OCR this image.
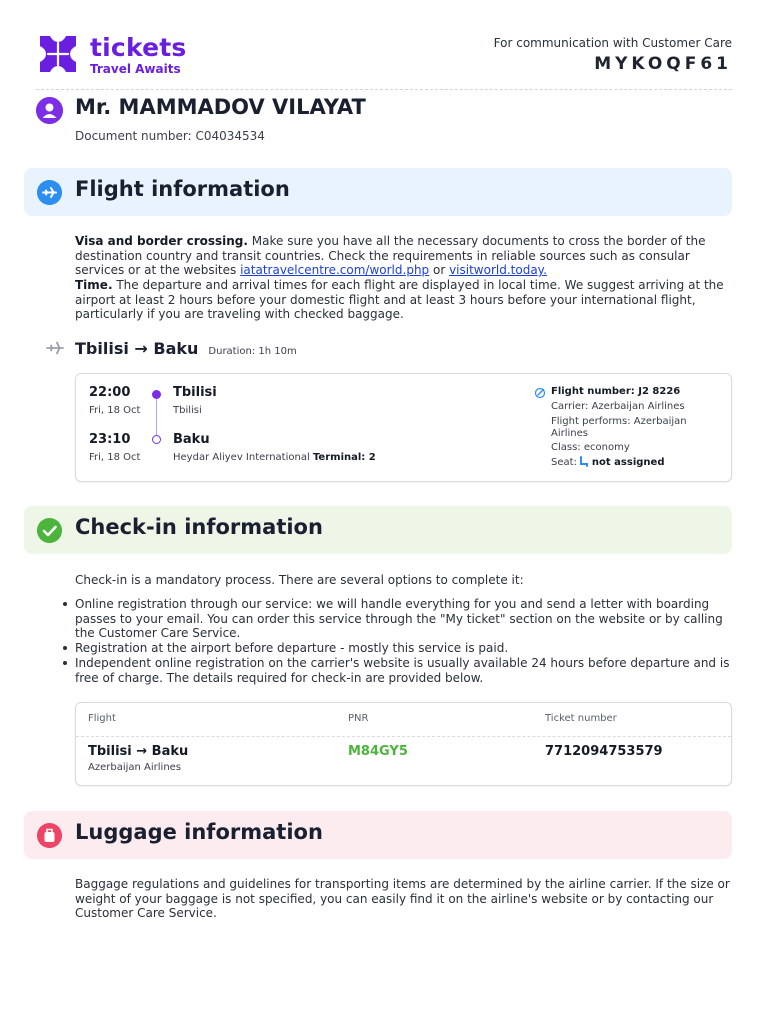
tickets
Travel Awaits
For communication with Customer Care
MYKOQF61
Mr. MAMMADOV VILAYAT
Document number: C04034534
Flight information
Visa and border crossing. Make sure you have all the necessary documents to cross the border of the destination country and transit countries. Check the requirements in reliable sources such as consular services or at the websites iatatravelcentre.com/world.php or visitworld.today.
Time. The departure and arrival times for each flight are displayed in local time. We suggest arriving at the airport at least 2 hours before your domestic flight and at least 3 hours before your international flight, particularly if you are traveling with checked baggage.
Tbilisi → Baku Duration: 1h 10m
22:00
Fri, 18 Oct
Tbilisi
Tbilisi
23:10
Fri, 18 Oct
Baku
Heydar Aliyev International Terminal: 2
Flight number: J2 8226
Carrier: Azerbaijan Airlines
Flight performs: Azerbaijan Airlines
Class: economy
Seat: not assigned
Check-in information
Check-in is a mandatory process. There are several options to complete it:
Online registration through our service: we will handle everything for you and send a letter with boarding passes to your email. You can order this service through the "My ticket" section on the website or by calling the Customer Care Service.
Registration at the airport before departure - mostly this service is paid.
Independent online registration on the carrier's website is usually available 24 hours before departure and is free of charge. The details required for check-in are provided below.
Flight	PNR	Ticket number
Tbilisi → Baku
Azerbaijan Airlines
M84GY5	7712094753579
Luggage information
Baggage regulations and guidelines for transporting items are determined by the airline carrier. If the size or weight of your baggage is not specified, you can easily find it on the airline's website or by contacting our Customer Care Service.
